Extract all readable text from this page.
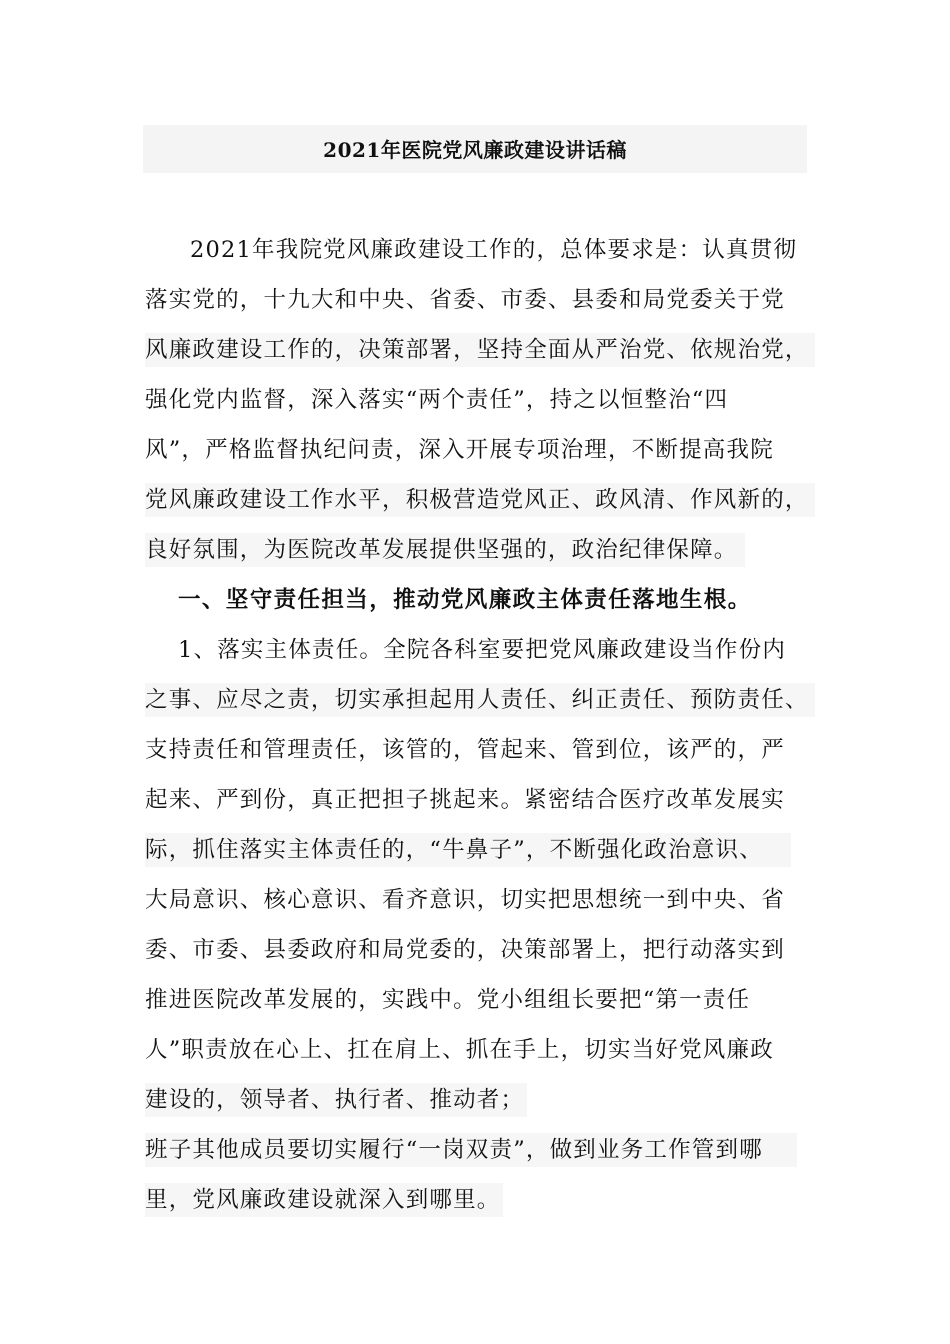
2021年医院党风廉政建设讲话稿
2021年我院党风廉政建设工作的，总体要求是：认真贯彻
落实党的，十九大和中央、省委、市委、县委和局党委关于党
风廉政建设工作的，决策部署，坚持全面从严治党、依规治党，
强化党内监督，深入落实“两个责任”，持之以恒整治“四
风”，严格监督执纪问责，深入开展专项治理，不断提高我院
党风廉政建设工作水平，积极营造党风正、政风清、作风新的，
良好氛围，为医院改革发展提供坚强的，政治纪律保障。
一、坚守责任担当，推动党风廉政主体责任落地生根。
1、落实主体责任。全院各科室要把党风廉政建设当作份内
之事、应尽之责，切实承担起用人责任、纠正责任、预防责任、
支持责任和管理责任，该管的，管起来、管到位，该严的，严
起来、严到份，真正把担子挑起来。紧密结合医疗改革发展实
际，抓住落实主体责任的，“牛鼻子”，不断强化政治意识、
大局意识、核心意识、看齐意识，切实把思想统一到中央、省
委、市委、县委政府和局党委的，决策部署上，把行动落实到
推进医院改革发展的，实践中。党小组组长要把“第一责任
人”职责放在心上、扛在肩上、抓在手上，切实当好党风廉政
建设的，领导者、执行者、推动者；
班子其他成员要切实履行“一岗双责”，做到业务工作管到哪
里，党风廉政建设就深入到哪里。
